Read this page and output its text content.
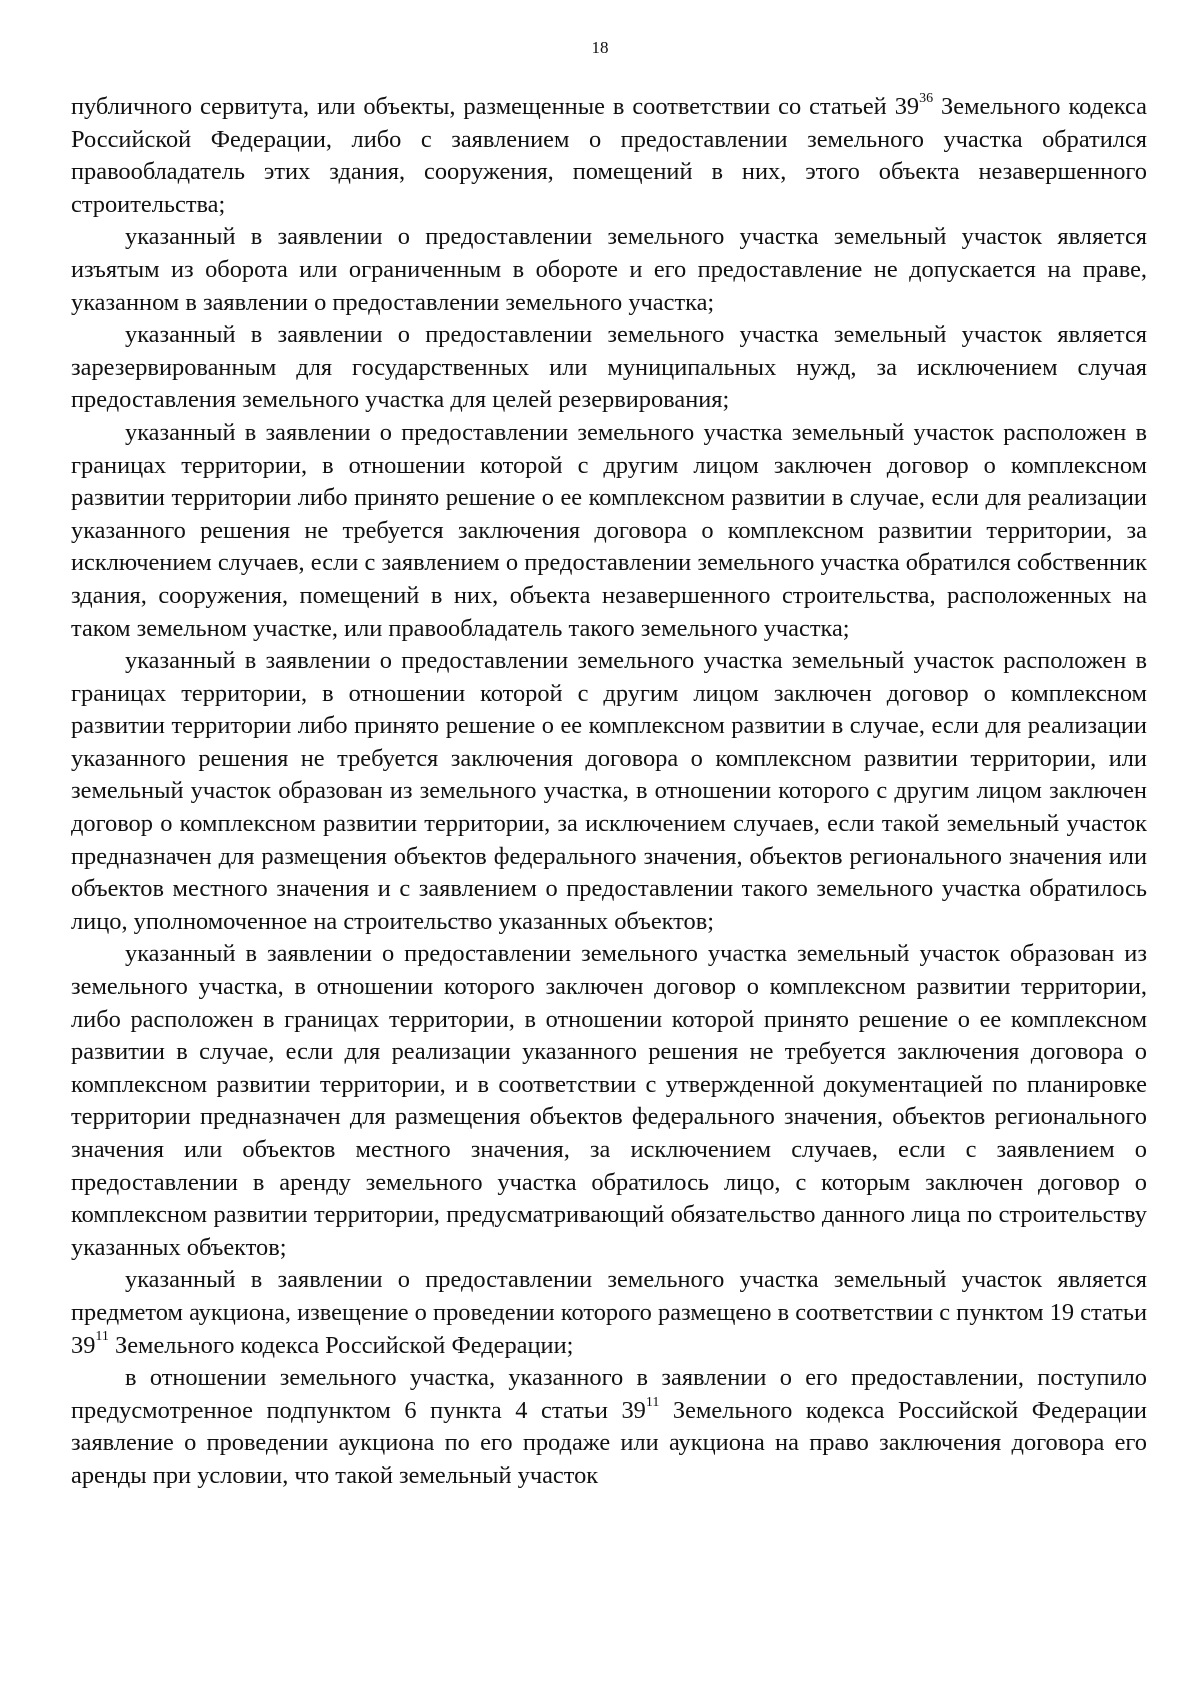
18

публичного сервитута, или объекты, размещенные в соответствии со статьей $39^{36}$ Земельного кодекса Российской Федерации, либо с заявлением о предоставлении земельного участка обратился правообладатель этих здания, сооружения, помещений в них, этого объекта незавершенного строительства;

указанный в заявлении о предоставлении земельного участка земельный участок является изъятым из оборота или ограниченным в обороте и его предоставление не допускается на праве, указанном в заявлении о предоставлении земельного участка;

указанный в заявлении о предоставлении земельного участка земельный участок является зарезервированным для государственных или муниципальных нужд, за исключением случая предоставления земельного участка для целей резервирования;

указанный в заявлении о предоставлении земельного участка земельный участок расположен в границах территории, в отношении которой с другим лицом заключен договор о комплексном развитии территории либо принято решение о ее комплексном развитии в случае, если для реализации указанного решения не требуется заключения договора о комплексном развитии территории, за исключением случаев, если с заявлением о предоставлении земельного участка обратился собственник здания, сооружения, помещений в них, объекта незавершенного строительства, расположенных на таком земельном участке, или правообладатель такого земельного участка;

указанный в заявлении о предоставлении земельного участка земельный участок расположен в границах территории, в отношении которой с другим лицом заключен договор о комплексном развитии территории либо принято решение о ее комплексном развитии в случае, если для реализации указанного решения не требуется заключения договора о комплексном развитии территории, или земельный участок образован из земельного участка, в отношении которого с другим лицом заключен договор о комплексном развитии территории, за исключением случаев, если такой земельный участок предназначен для размещения объектов федерального значения, объектов регионального значения или объектов местного значения и с заявлением о предоставлении такого земельного участка обратилось лицо, уполномоченное на строительство указанных объектов;

указанный в заявлении о предоставлении земельного участка земельный участок образован из земельного участка, в отношении которого заключен договор о комплексном развитии территории, либо расположен в границах территории, в отношении которой принято решение о ее комплексном развитии в случае, если для реализации указанного решения не требуется заключения договора о комплексном развитии территории, и в соответствии с утвержденной документацией по планировке территории предназначен для размещения объектов федерального значения, объектов регионального значения или объектов местного значения, за исключением случаев, если с заявлением о предоставлении в аренду земельного участка обратилось лицо, с которым заключен договор о комплексном развитии территории, предусматривающий обязательство данного лица по строительству указанных объектов;

указанный в заявлении о предоставлении земельного участка земельный участок является предметом аукциона, извещение о проведении которого размещено в соответствии с пунктом 19 статьи $39^{11}$ Земельного кодекса Российской Федерации;

в отношении земельного участка, указанного в заявлении о его предоставлении, поступило предусмотренное подпунктом 6 пункта 4 статьи $39^{11}$ Земельного кодекса Российской Федерации заявление о проведении аукциона по его продаже или аукциона на право заключения договора его аренды при условии, что такой земельный участок
